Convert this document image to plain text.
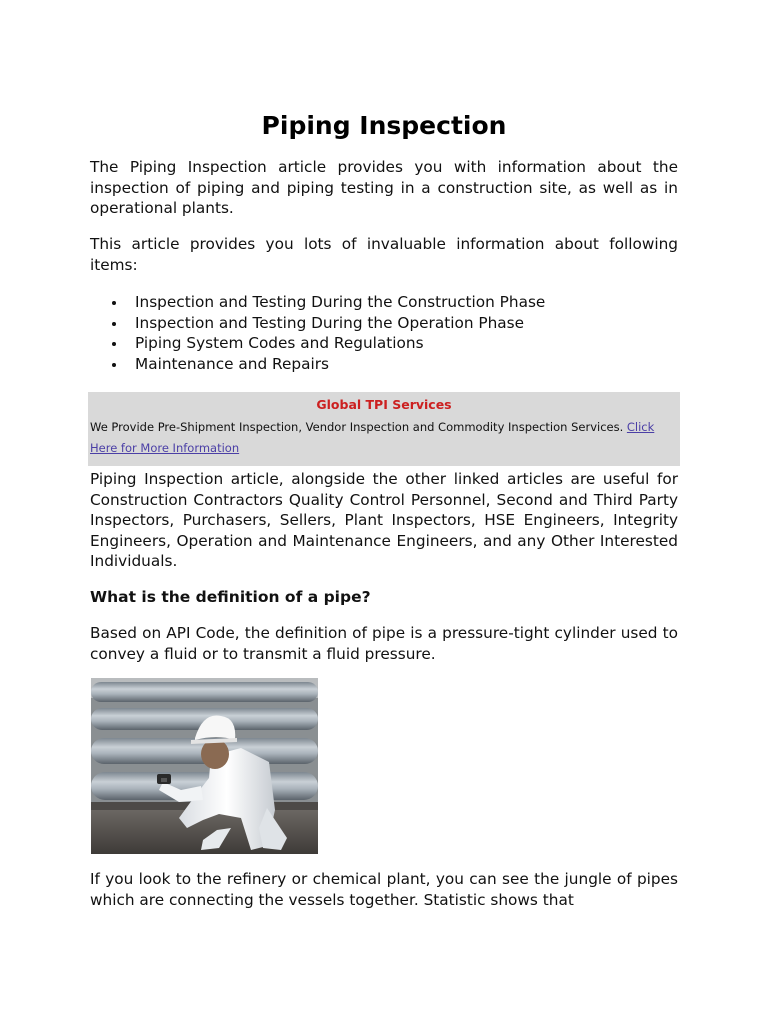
Piping Inspection

The Piping Inspection article provides you with information about the inspection of piping and piping testing in a construction site, as well as in operational plants.

This article provides you lots of invaluable information about following items:

Inspection and Testing During the Construction Phase
Inspection and Testing During the Operation Phase
Piping System Codes and Regulations
Maintenance and Repairs
Global TPI Services
We Provide Pre-Shipment Inspection, Vendor Inspection and Commodity Inspection Services. Click Here for More Information

Piping Inspection article, alongside the other linked articles are useful for Construction Contractors Quality Control Personnel, Second and Third Party Inspectors, Purchasers, Sellers, Plant Inspectors, HSE Engineers, Integrity Engineers, Operation and Maintenance Engineers, and any Other Interested Individuals.

What is the definition of a pipe?

Based on API Code, the definition of pipe is a pressure-tight cylinder used to convey a fluid or to transmit a fluid pressure.

If you look to the refinery or chemical plant, you can see the jungle of pipes which are connecting the vessels together. Statistic shows that
